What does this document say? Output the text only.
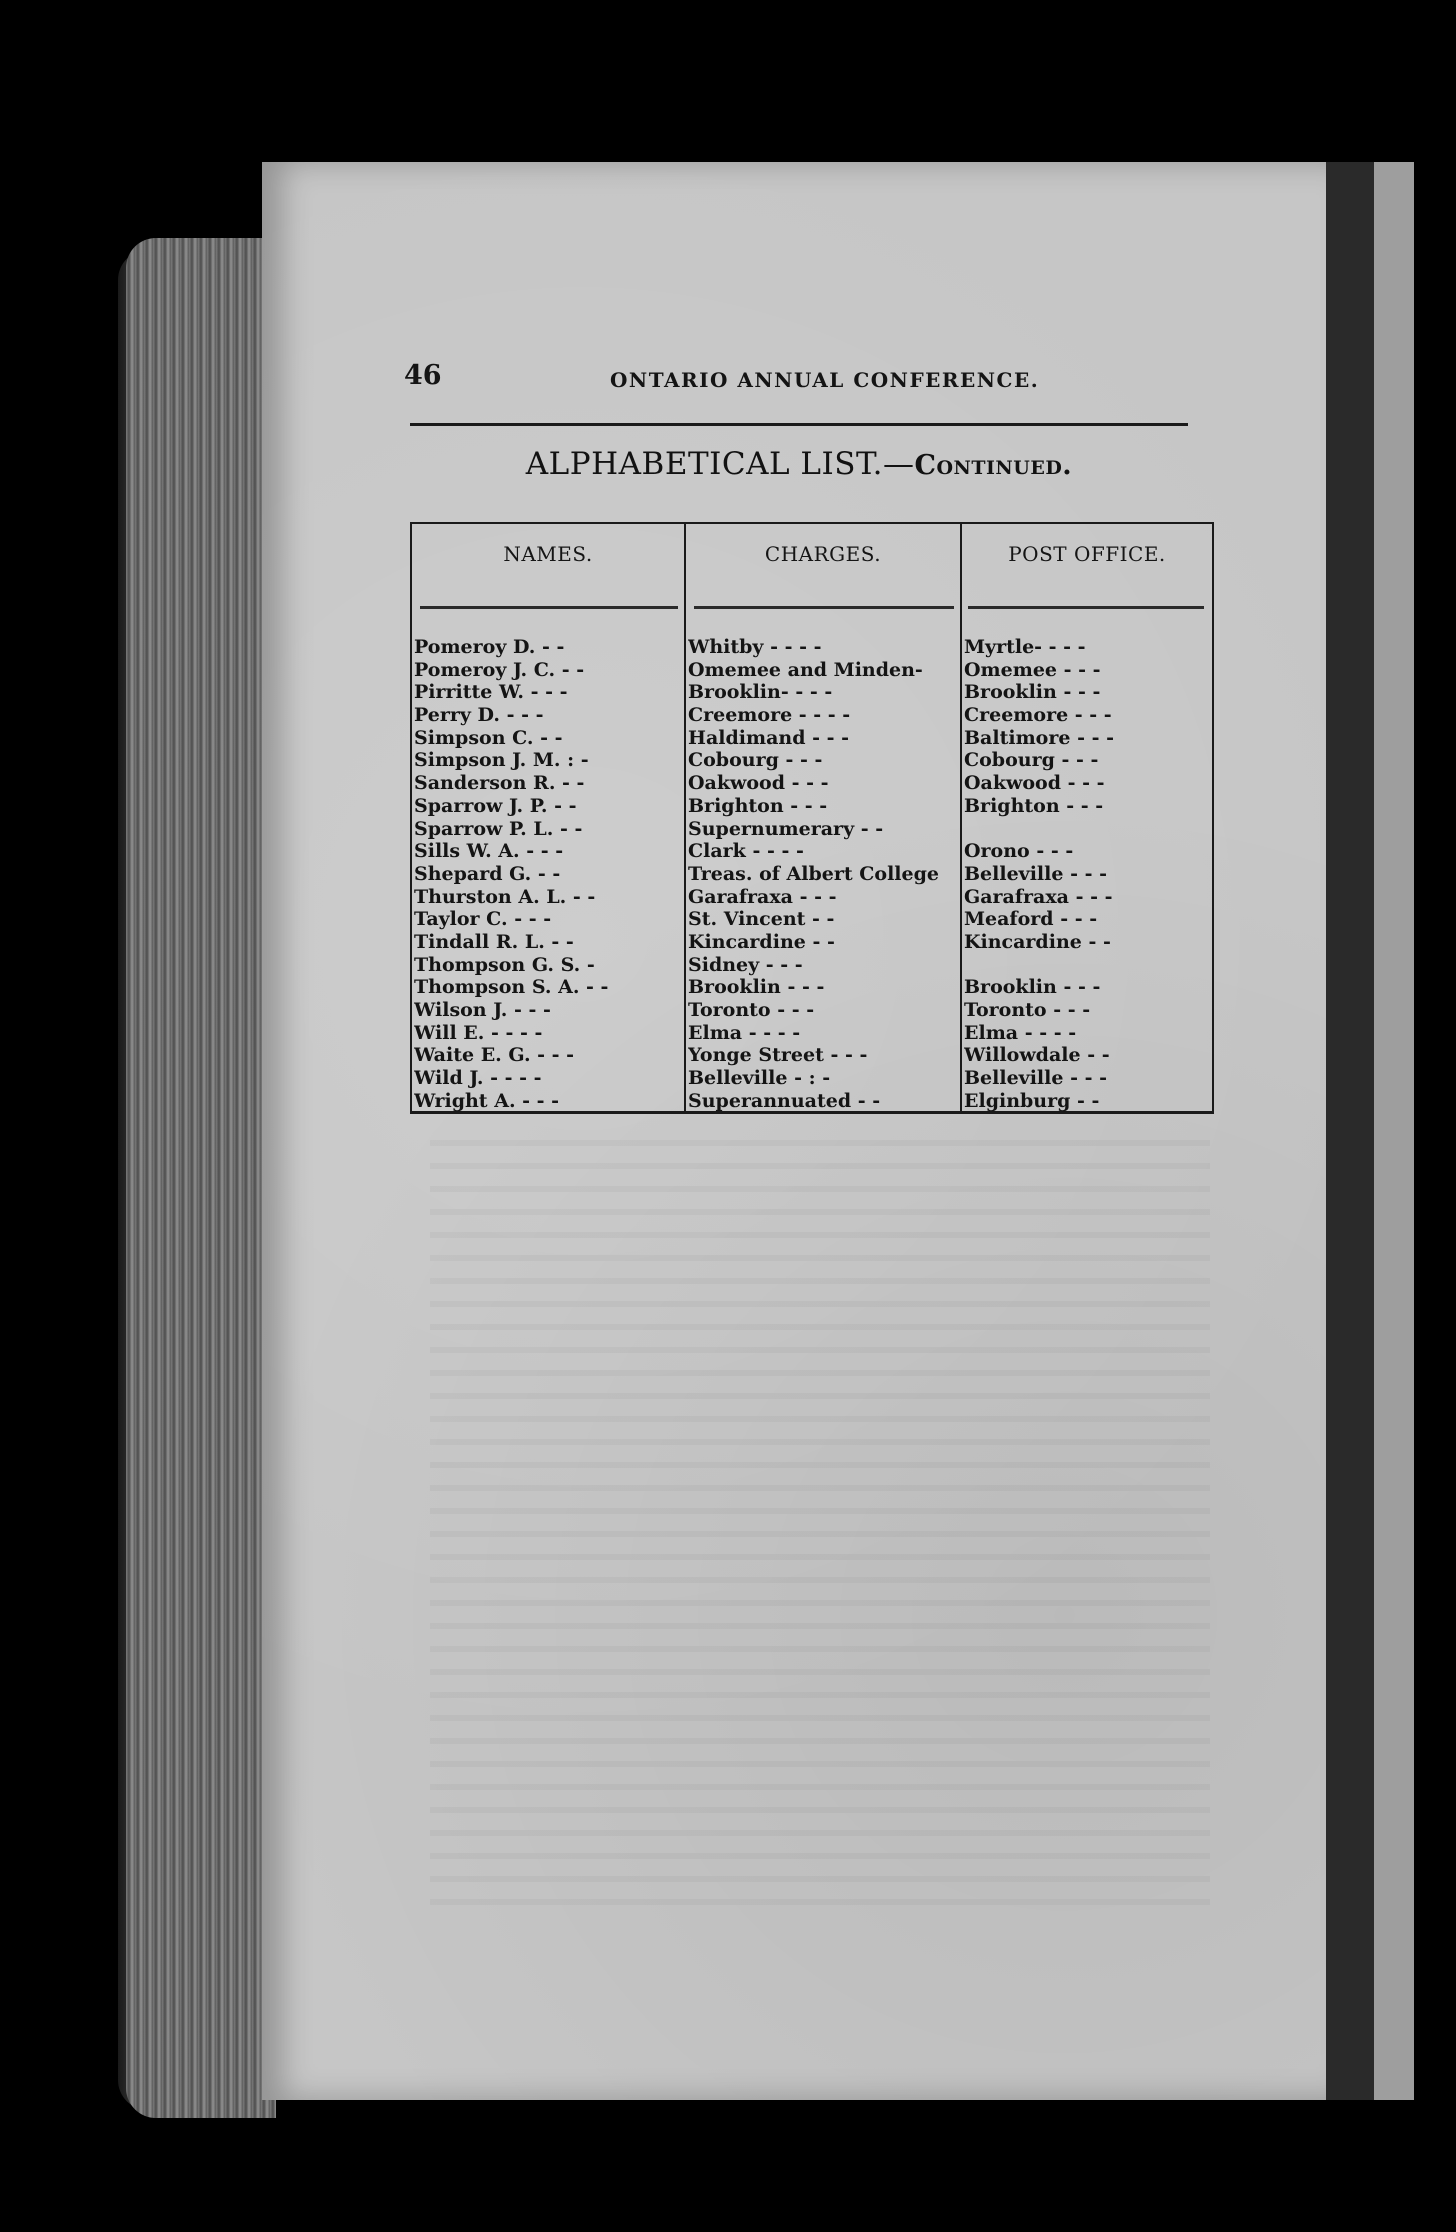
46	ONTARIO ANNUAL CONFERENCE.
ALPHABETICAL LIST.—Continued.
NAMES.	CHARGES.	POST OFFICE.
Pomeroy D. - -	Whitby - - - -	Myrtle- - - -
Pomeroy J. C. - -	Omemee and Minden-	Omemee - - -
Pirritte W. - - -	Brooklin- - - -	Brooklin - - -
Perry D. - - -	Creemore - - - -	Creemore - - -
Simpson C. - -	Haldimand - - -	Baltimore - - -
Simpson J. M. : -	Cobourg - - -	Cobourg - - -
Sanderson R. - -	Oakwood - - -	Oakwood - - -
Sparrow J. P. - -	Brighton - - -	Brighton - - -
Sparrow P. L. - -	Supernumerary - -
Sills W. A. - - -	Clark - - - -	Orono - - -
Shepard G. - -	Treas. of Albert College	Belleville - - -
Thurston A. L. - -	Garafraxa - - -	Garafraxa - - -
Taylor C. - - -	St. Vincent - -	Meaford - - -
Tindall R. L. - -	Kincardine - -	Kincardine - -
Thompson G. S. -	Sidney - - -
Thompson S. A. - -	Brooklin - - -	Brooklin - - -
Wilson J. - - -	Toronto - - -	Toronto - - -
Will E. - - - -	Elma - - - -	Elma - - - -
Waite E. G. - - -	Yonge Street - - -	Willowdale - -
Wild J. - - - -	Belleville - : -	Belleville - - -
Wright A. - - -	Superannuated - -	Elginburg - -
